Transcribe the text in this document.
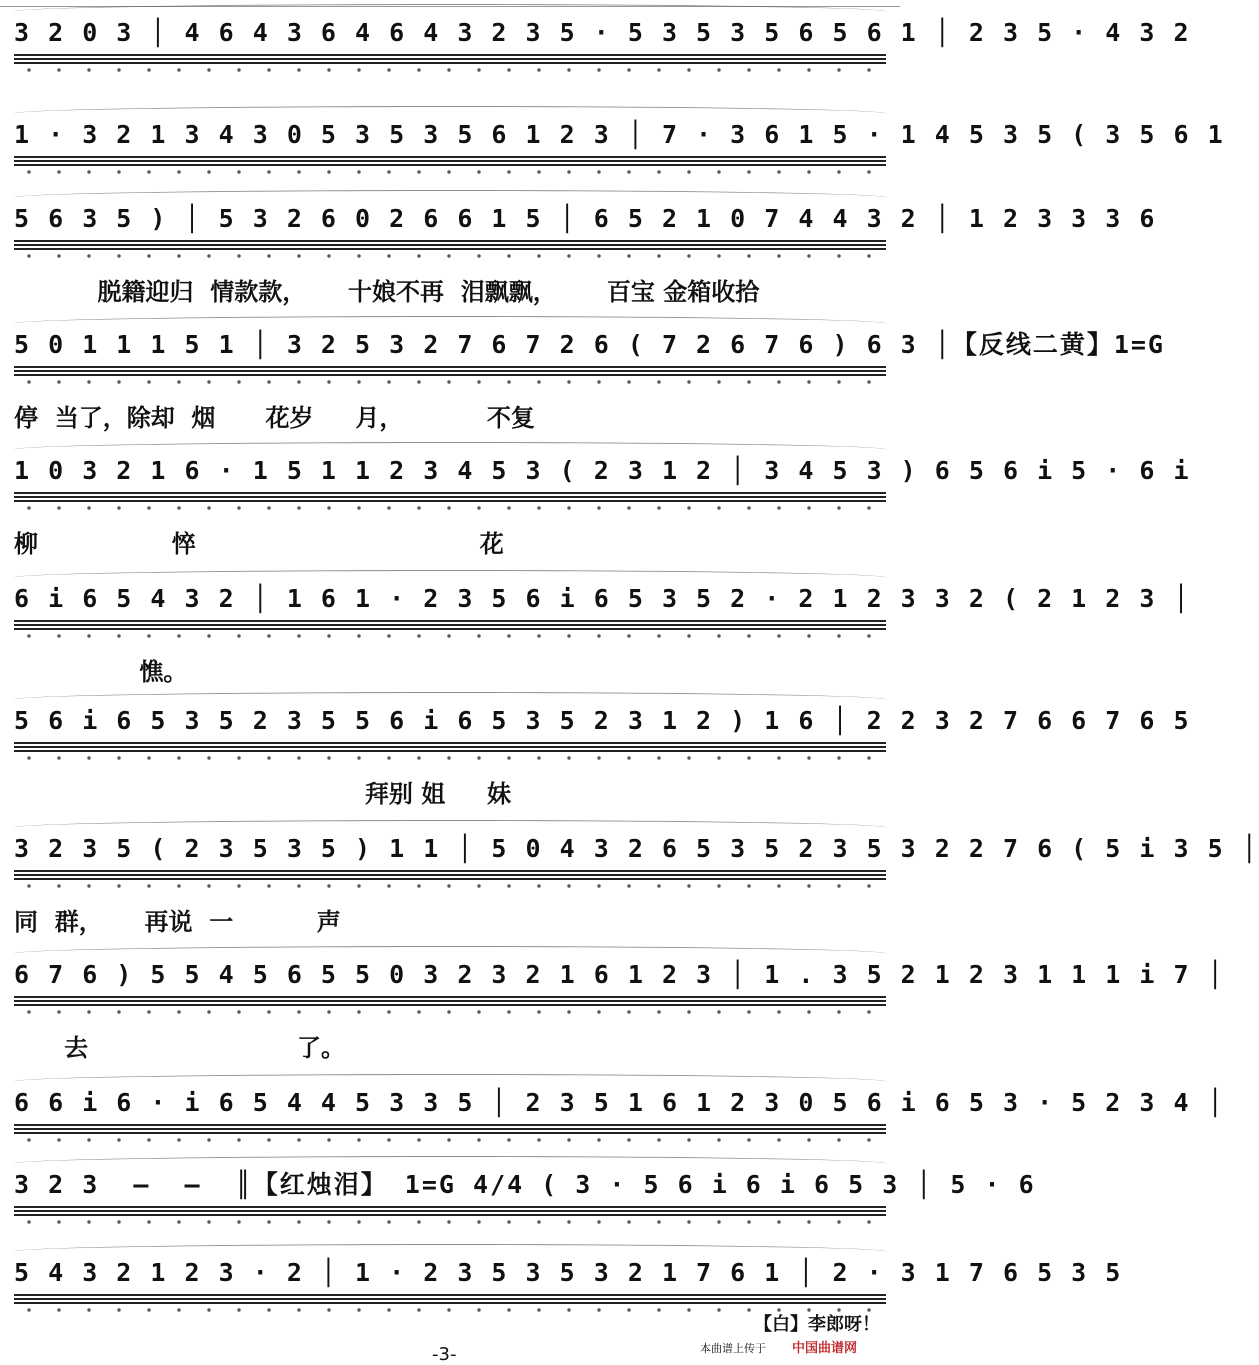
3 2 0 3 │ 4 6 4 3 6 4 6 4 3 2 3 5 · 5 3 5 3 5 6 5 6 1 │ 2 3 5 · 4 3 2
1 · 3 2 1 3 4 3 0 5 3 5 3 5 6 1 2 3 │ 7 · 3 6 1 5 · 1 4 5 3 5 ( 3 5 6 1
5 6 3 5 ) │ 5 3 2 6 0 2 6 6 1 5 │ 6 5 2 1 0 7 4 4 3 2 │ 1 2 3 3 3 6
脱籍迎归  情款款，     十娘不再  泪飘飘，      百宝 金箱收拾
5 0 1 1 1 5 1 │ 3 2 5 3 2 7 6 7 2 6 ( 7 2 6 7 6 ) 6 3 │【反线二黄】1=G
停  当了，除却  烟      花岁     月，          不复
1 0 3 2 1 6 · 1 5 1 1 2 3 4 5 3 ( 2 3 1 2 │ 3 4 5 3 ) 6 5 6 i 5 · 6 i
柳                悴                                  花
6 i 6 5 4 3 2 │ 1 6 1 · 2 3 5 6 i 6 5 3 5 2 · 2 1 2 3 3 2 ( 2 1 2 3 │
憔。
5 6 i 6 5 3 5 2 3 5 5 6 i 6 5 3 5 2 3 1 2 ) 1 6 │ 2 2 3 2 7 6 6 7 6 5
拜别 姐     妹
3 2 3 5 ( 2 3 5 3 5 ) 1 1 │ 5 0 4 3 2 6 5 3 5 2 3 5 3 2 2 7 6 ( 5 i 3 5 │
同  群，     再说  一          声
6 7 6 ) 5 5 4 5 6 5 5 0 3 2 3 2 1 6 1 2 3 │ 1 . 3 5 2 1 2 3 1 1 1 i 7 │
去                         了。
6 6 i 6 · i 6 5 4 4 5 3 3 5 │ 2 3 5 1 6 1 2 3 0 5 6 i 6 5 3 · 5 2 3 4 │
3 2 3  —  —  ║【红烛泪】 1=G 4/4 ( 3 · 5 6 i 6 i 6 5 3 │ 5 · 6
5 4 3 2 1 2 3 · 2 │ 1 · 2 3 5 3 5 3 2 1 7 6 1 │ 2 · 3 1 7 6 5 3 5
【白】李郎呀！
-3-	本曲谱上传于 中国曲谱网
